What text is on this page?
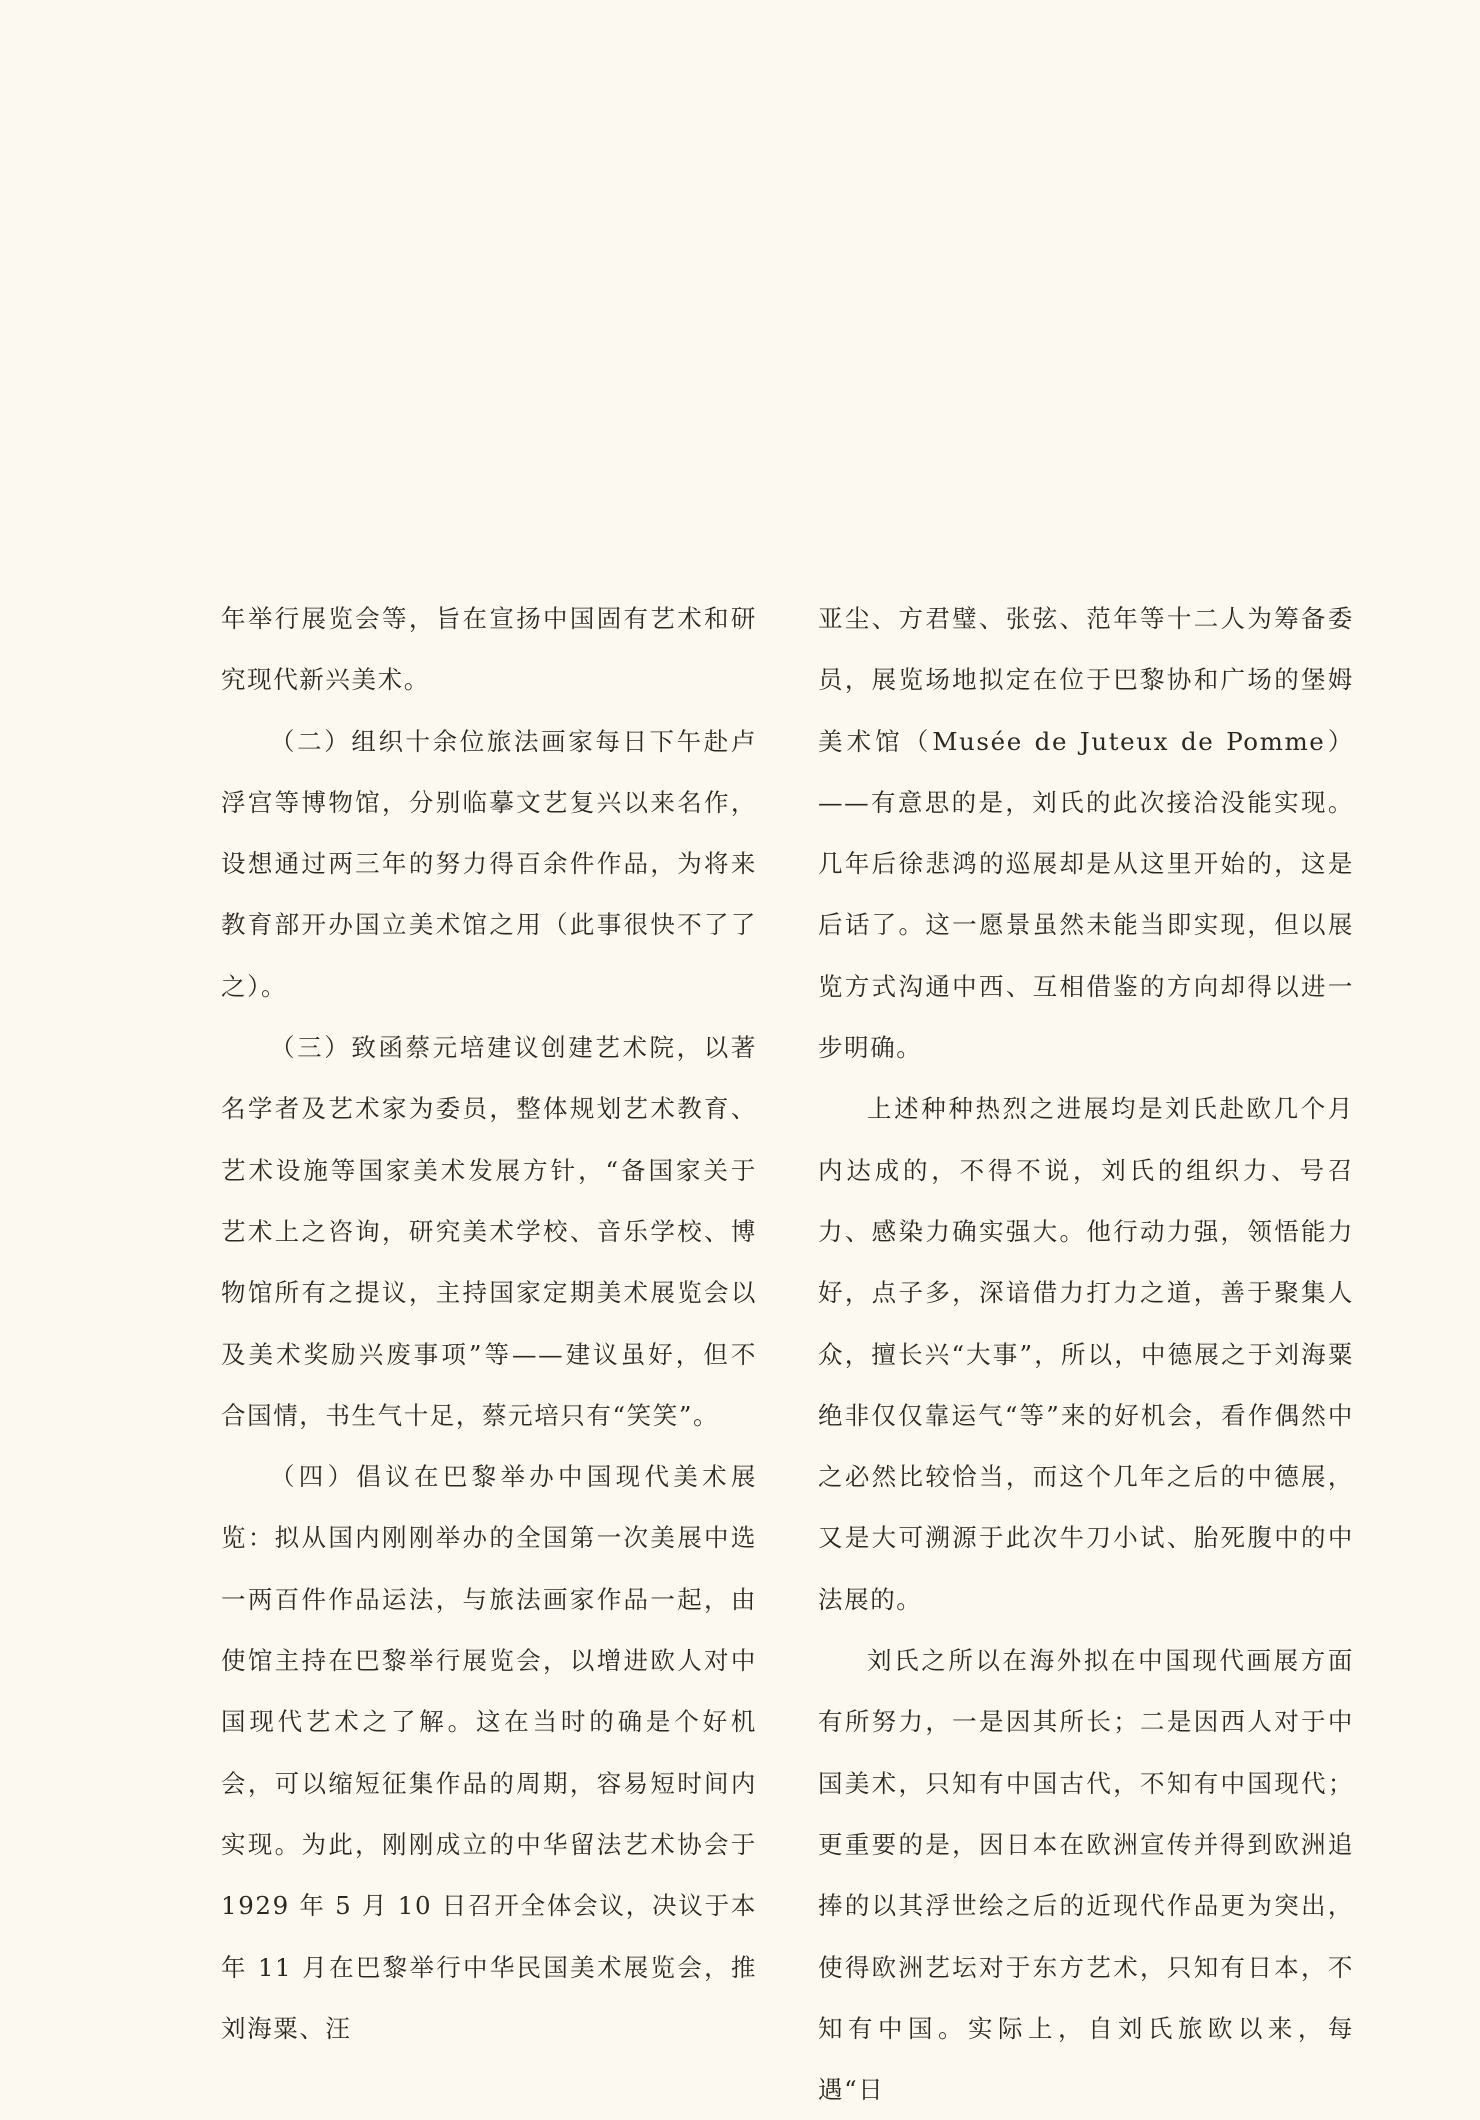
年举行展览会等，旨在宣扬中国固有艺术和研究现代新兴美术。

（二）组织十余位旅法画家每日下午赴卢浮宫等博物馆，分别临摹文艺复兴以来名作，设想通过两三年的努力得百余件作品，为将来教育部开办国立美术馆之用（此事很快不了了之）。

（三）致函蔡元培建议创建艺术院，以著名学者及艺术家为委员，整体规划艺术教育、艺术设施等国家美术发展方针，“备国家关于艺术上之咨询，研究美术学校、音乐学校、博物馆所有之提议，主持国家定期美术展览会以及美术奖励兴废事项”等——建议虽好，但不合国情，书生气十足，蔡元培只有“笑笑”。

（四）倡议在巴黎举办中国现代美术展览：拟从国内刚刚举办的全国第一次美展中选一两百件作品运法，与旅法画家作品一起，由使馆主持在巴黎举行展览会，以增进欧人对中国现代艺术之了解。这在当时的确是个好机会，可以缩短征集作品的周期，容易短时间内实现。为此，刚刚成立的中华留法艺术协会于 1929 年 5 月 10 日召开全体会议，决议于本年 11 月在巴黎举行中华民国美术展览会，推刘海粟、汪

亚尘、方君璧、张弦、范年等十二人为筹备委员，展览场地拟定在位于巴黎协和广场的堡姆美术馆（Musée de Juteux de Pomme）——有意思的是，刘氏的此次接洽没能实现。几年后徐悲鸿的巡展却是从这里开始的，这是后话了。这一愿景虽然未能当即实现，但以展览方式沟通中西、互相借鉴的方向却得以进一步明确。

上述种种热烈之进展均是刘氏赴欧几个月内达成的，不得不说，刘氏的组织力、号召力、感染力确实强大。他行动力强，领悟能力好，点子多，深谙借力打力之道，善于聚集人众，擅长兴“大事”，所以，中德展之于刘海粟绝非仅仅靠运气“等”来的好机会，看作偶然中之必然比较恰当，而这个几年之后的中德展，又是大可溯源于此次牛刀小试、胎死腹中的中法展的。

刘氏之所以在海外拟在中国现代画展方面有所努力，一是因其所长；二是因西人对于中国美术，只知有中国古代，不知有中国现代；更重要的是，因日本在欧洲宣传并得到欧洲追捧的以其浮世绘之后的近现代作品更为突出，使得欧洲艺坛对于东方艺术，只知有日本，不知有中国。实际上，自刘氏旅欧以来，每遇“日
